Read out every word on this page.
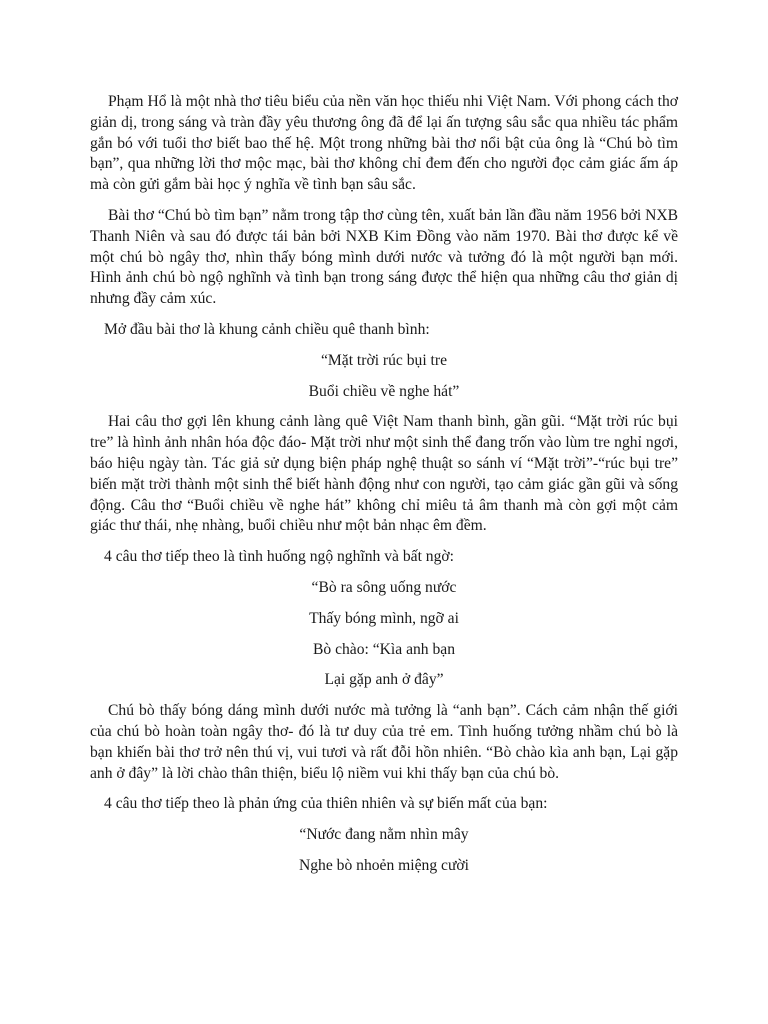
Phạm Hổ là một nhà thơ tiêu biểu của nền văn học thiếu nhi Việt Nam. Với phong cách thơ giản dị, trong sáng và tràn đầy yêu thương ông đã để lại ấn tượng sâu sắc qua nhiều tác phẩm gắn bó với tuổi thơ biết bao thế hệ. Một trong những bài thơ nổi bật của ông là “Chú bò tìm bạn”, qua những lời thơ mộc mạc, bài thơ không chỉ đem đến cho người đọc cảm giác ấm áp mà còn gửi gắm bài học ý nghĩa về tình bạn sâu sắc.

Bài thơ “Chú bò tìm bạn” nằm trong tập thơ cùng tên, xuất bản lần đầu năm 1956 bởi NXB Thanh Niên và sau đó được tái bản bởi NXB Kim Đồng vào năm 1970. Bài thơ được kể về một chú bò ngây thơ, nhìn thấy bóng mình dưới nước và tưởng đó là một người bạn mới. Hình ảnh chú bò ngộ nghĩnh và tình bạn trong sáng được thể hiện qua những câu thơ giản dị nhưng đầy cảm xúc.

Mở đầu bài thơ là khung cảnh chiều quê thanh bình:

“Mặt trời rúc bụi tre

Buổi chiều về nghe hát”

Hai câu thơ gợi lên khung cảnh làng quê Việt Nam thanh bình, gần gũi. “Mặt trời rúc bụi tre” là hình ảnh nhân hóa độc đáo- Mặt trời như một sinh thể đang trốn vào lùm tre nghỉ ngơi, báo hiệu ngày tàn. Tác giả sử dụng biện pháp nghệ thuật so sánh ví “Mặt trời”-“rúc bụi tre” biến mặt trời thành một sinh thể biết hành động như con người, tạo cảm giác gần gũi và sống động. Câu thơ “Buổi chiều về nghe hát” không chỉ miêu tả âm thanh mà còn gợi một cảm giác thư thái, nhẹ nhàng, buổi chiều như một bản nhạc êm đềm.

4 câu thơ tiếp theo là tình huống ngộ nghĩnh và bất ngờ:

“Bò ra sông uống nước

Thấy bóng mình, ngỡ ai

Bò chào: “Kìa anh bạn

Lại gặp anh ở đây”

Chú bò thấy bóng dáng mình dưới nước mà tưởng là “anh bạn”. Cách cảm nhận thế giới của chú bò hoàn toàn ngây thơ- đó là tư duy của trẻ em. Tình huống tưởng nhầm chú bò là bạn khiến bài thơ trở nên thú vị, vui tươi và rất đỗi hồn nhiên. “Bò chào kìa anh bạn, Lại gặp anh ở đây” là lời chào thân thiện, biểu lộ niềm vui khi thấy bạn của chú bò.

4 câu thơ tiếp theo là phản ứng của thiên nhiên và sự biến mất của bạn:

“Nước đang nằm nhìn mây

Nghe bò nhoẻn miệng cười
